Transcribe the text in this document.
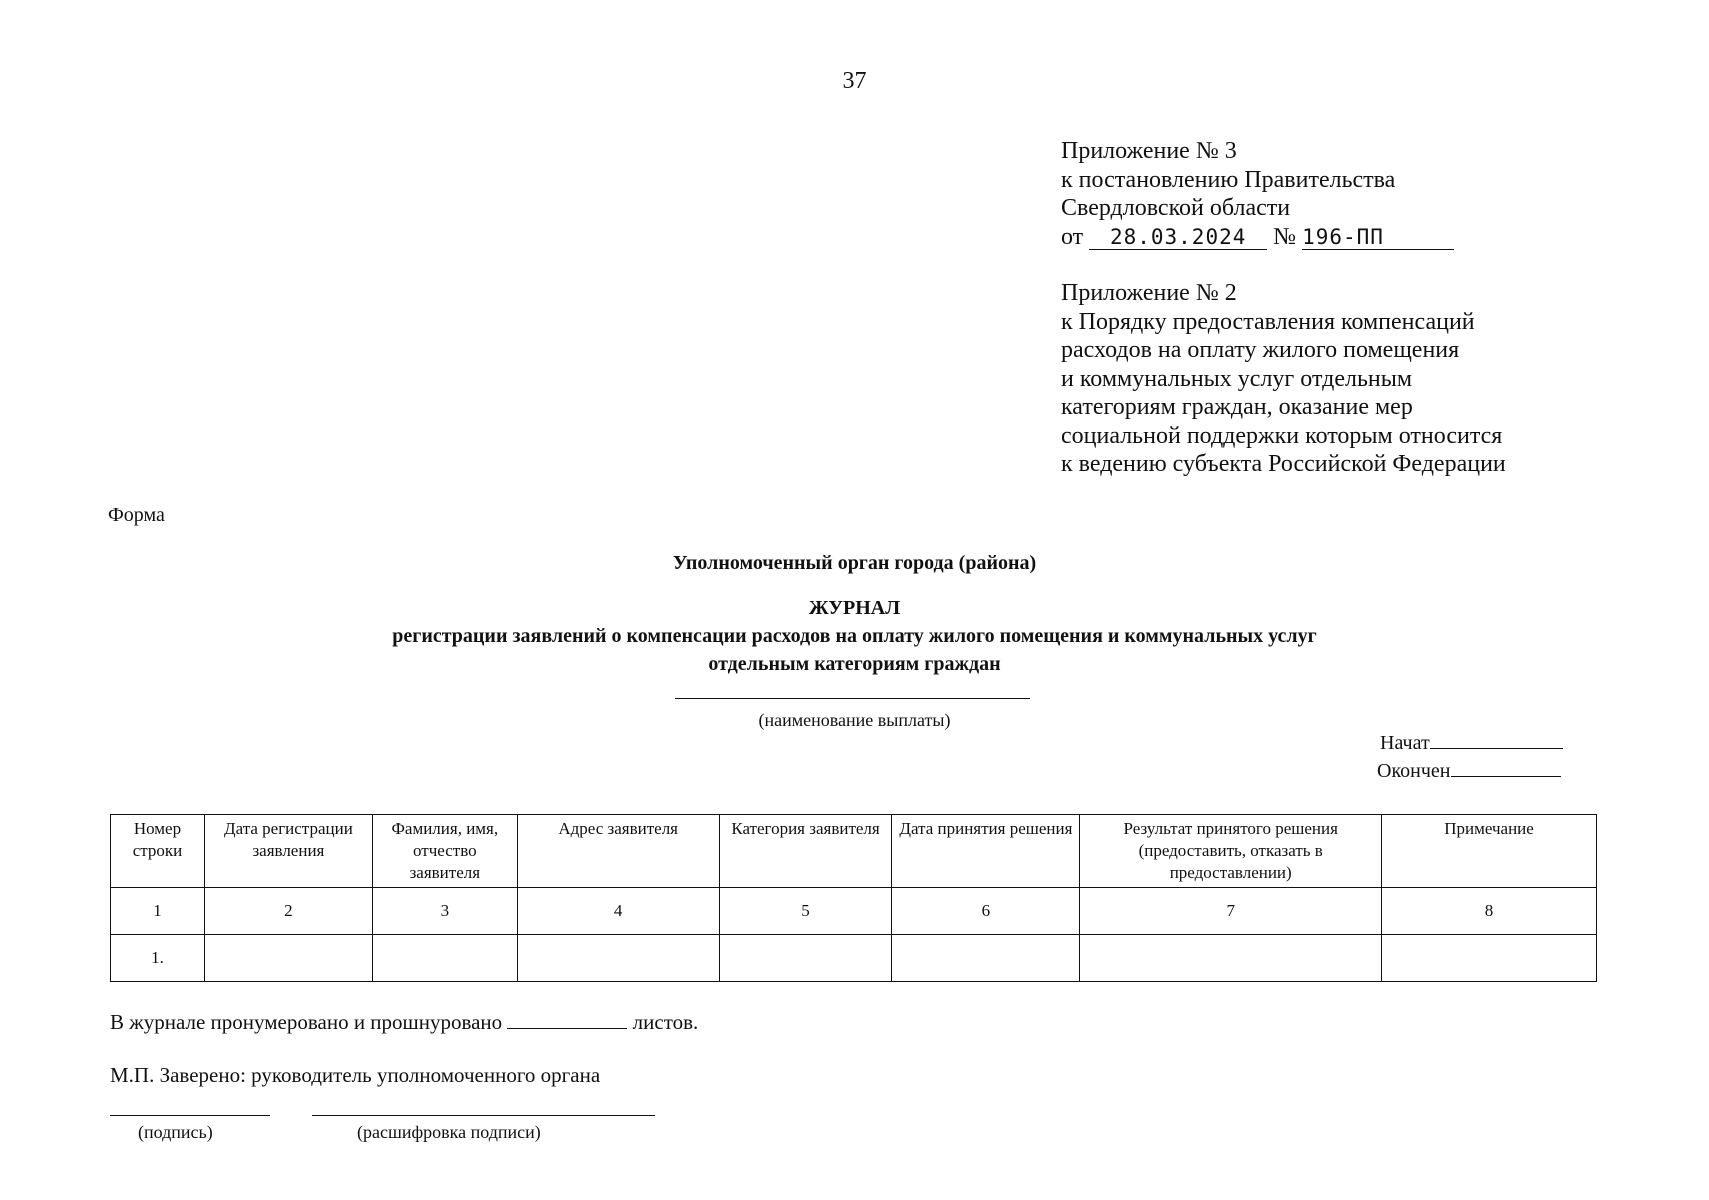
37
Приложение № 3
к постановлению Правительства
Свердловской области
от 28.03.2024 № 196-ПП
Приложение № 2
к Порядку предоставления компенсаций
расходов на оплату жилого помещения
и коммунальных услуг отдельным
категориям граждан, оказание мер
социальной поддержки которым относится
к ведению субъекта Российской Федерации
Форма
Уполномоченный орган города (района)
ЖУРНАЛ
регистрации заявлений о компенсации расходов на оплату жилого помещения и коммунальных услуг
отдельным категориям граждан
(наименование выплаты)
Начат
Окончен
Номер строки	Дата регистрации заявления	Фамилия, имя, отчество заявителя	Адрес заявителя	Категория заявителя	Дата принятия решения	Результат принятого решения (предоставить, отказать в предоставлении)	Примечание
1	2	3	4	5	6	7	8
1.							
В журнале пронумеровано и прошнуровано	листов.
М.П. Заверено: руководитель уполномоченного органа
(подпись)	(расшифровка подписи)
